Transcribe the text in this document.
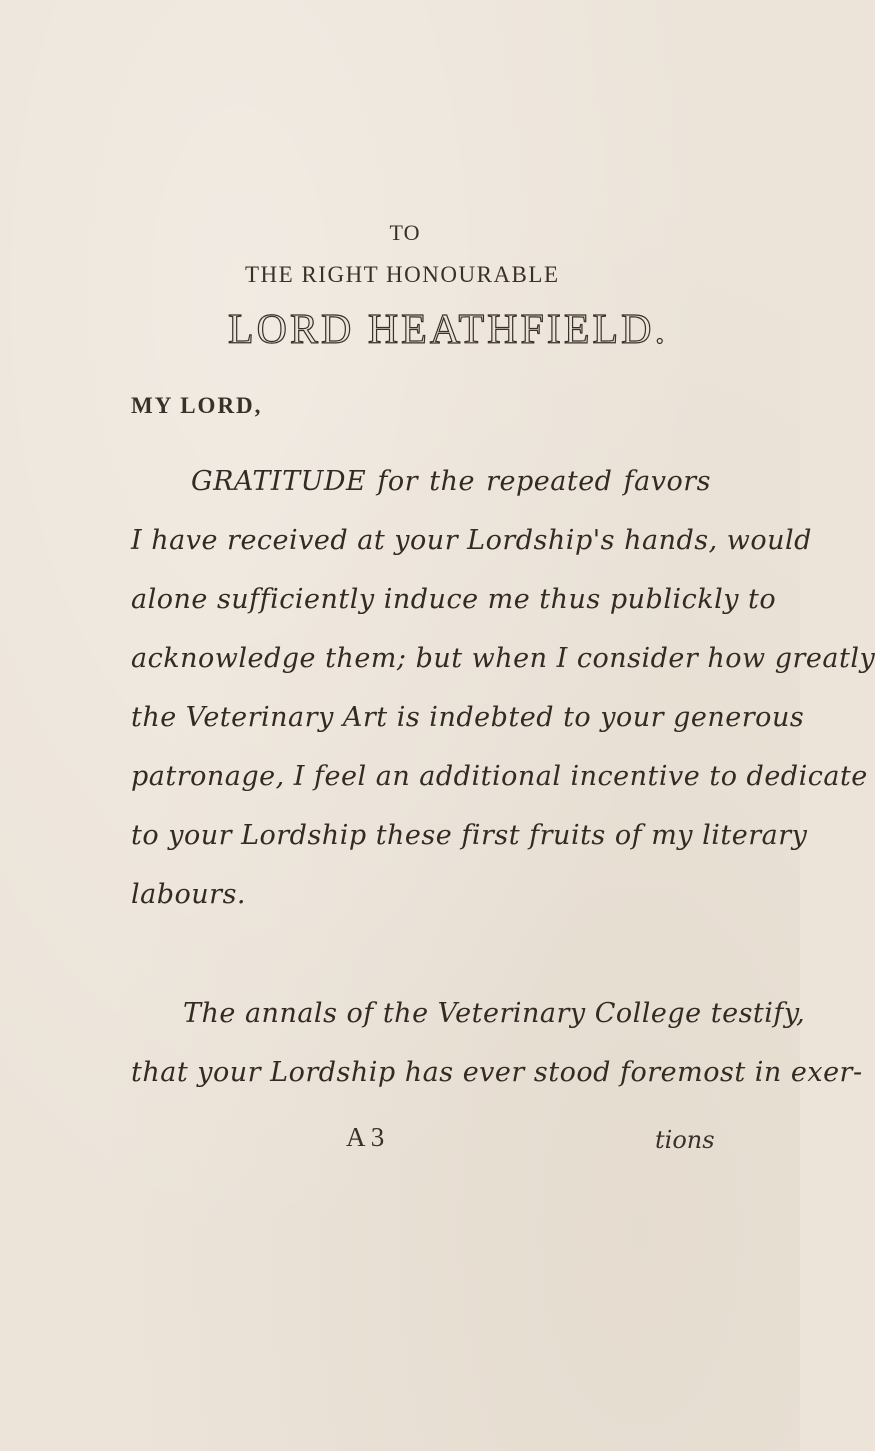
TO
THE RIGHT HONOURABLE
LORD HEATHFIELD.
MY LORD,
GRATITUDE for the repeated favors
I have received at your Lordship's hands, would
alone sufficiently induce me thus publickly to
acknowledge them; but when I consider how greatly
the Veterinary Art is indebted to your generous
patronage, I feel an additional incentive to dedicate
to your Lordship these first fruits of my literary
labours.
The annals of the Veterinary College testify,
that your Lordship has ever stood foremost in exer-
A 3	tions
